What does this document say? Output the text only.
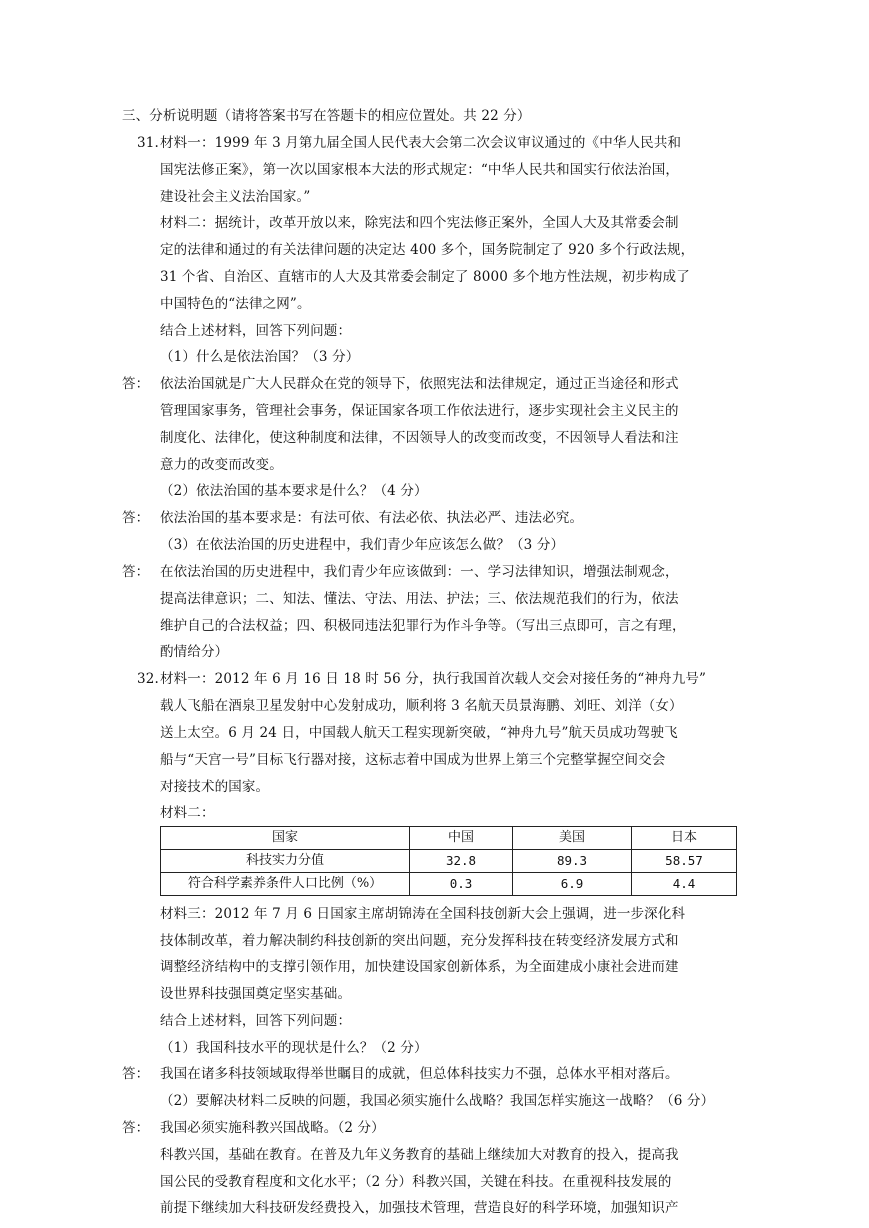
三、分析说明题（请将答案书写在答题卡的相应位置处。共 22 分）
31. 材料一：1999 年 3 月第九届全国人民代表大会第二次会议审议通过的《中华人民共和
国宪法修正案》，第一次以国家根本大法的形式规定：“中华人民共和国实行依法治国，
建设社会主义法治国家。”
材料二：据统计，改革开放以来，除宪法和四个宪法修正案外，全国人大及其常委会制
定的法律和通过的有关法律问题的决定达 400 多个，国务院制定了 920 多个行政法规，
31 个省、自治区、直辖市的人大及其常委会制定了 8000 多个地方性法规，初步构成了
中国特色的“法律之网”。
结合上述材料，回答下列问题：
（1）什么是依法治国？（3 分）
答： 依法治国就是广大人民群众在党的领导下，依照宪法和法律规定，通过正当途径和形式
管理国家事务，管理社会事务，保证国家各项工作依法进行，逐步实现社会主义民主的
制度化、法律化，使这种制度和法律，不因领导人的改变而改变，不因领导人看法和注
意力的改变而改变。
（2）依法治国的基本要求是什么？（4 分）
答： 依法治国的基本要求是：有法可依、有法必依、执法必严、违法必究。
（3）在依法治国的历史进程中，我们青少年应该怎么做？（3 分）
答： 在依法治国的历史进程中，我们青少年应该做到：一、学习法律知识，增强法制观念，
提高法律意识；二、知法、懂法、守法、用法、护法；三、依法规范我们的行为，依法
维护自己的合法权益；四、积极同违法犯罪行为作斗争等。（写出三点即可，言之有理，
酌情给分）
32. 材料一：2012 年 6 月 16 日 18 时 56 分，执行我国首次载人交会对接任务的“神舟九号”
载人飞船在酒泉卫星发射中心发射成功，顺利将 3 名航天员景海鹏、刘旺、刘洋（女）
送上太空。6 月 24 日，中国载人航天工程实现新突破，“神舟九号”航天员成功驾驶飞
船与“天宫一号”目标飞行器对接，这标志着中国成为世界上第三个完整掌握空间交会
对接技术的国家。
材料二：
国家	中国	美国	日本
科技实力分值	32.8	89.3	58.57
符合科学素养条件人口比例（%）	0.3	6.9	4.4
材料三：2012 年 7 月 6 日国家主席胡锦涛在全国科技创新大会上强调，进一步深化科
技体制改革，着力解决制约科技创新的突出问题，充分发挥科技在转变经济发展方式和
调整经济结构中的支撑引领作用，加快建设国家创新体系，为全面建成小康社会进而建
设世界科技强国奠定坚实基础。
结合上述材料，回答下列问题：
（1）我国科技水平的现状是什么？（2 分）
答： 我国在诸多科技领域取得举世瞩目的成就，但总体科技实力不强，总体水平相对落后。
（2）要解决材料二反映的问题，我国必须实施什么战略？我国怎样实施这一战略？（6 分）
答： 我国必须实施科教兴国战略。（2 分）
科教兴国，基础在教育。在普及九年义务教育的基础上继续加大对教育的投入，提高我
国公民的受教育程度和文化水平；（2 分）科教兴国，关键在科技。在重视科技发展的
前提下继续加大科技研发经费投入，加强技术管理，营造良好的科学环境，加强知识产
